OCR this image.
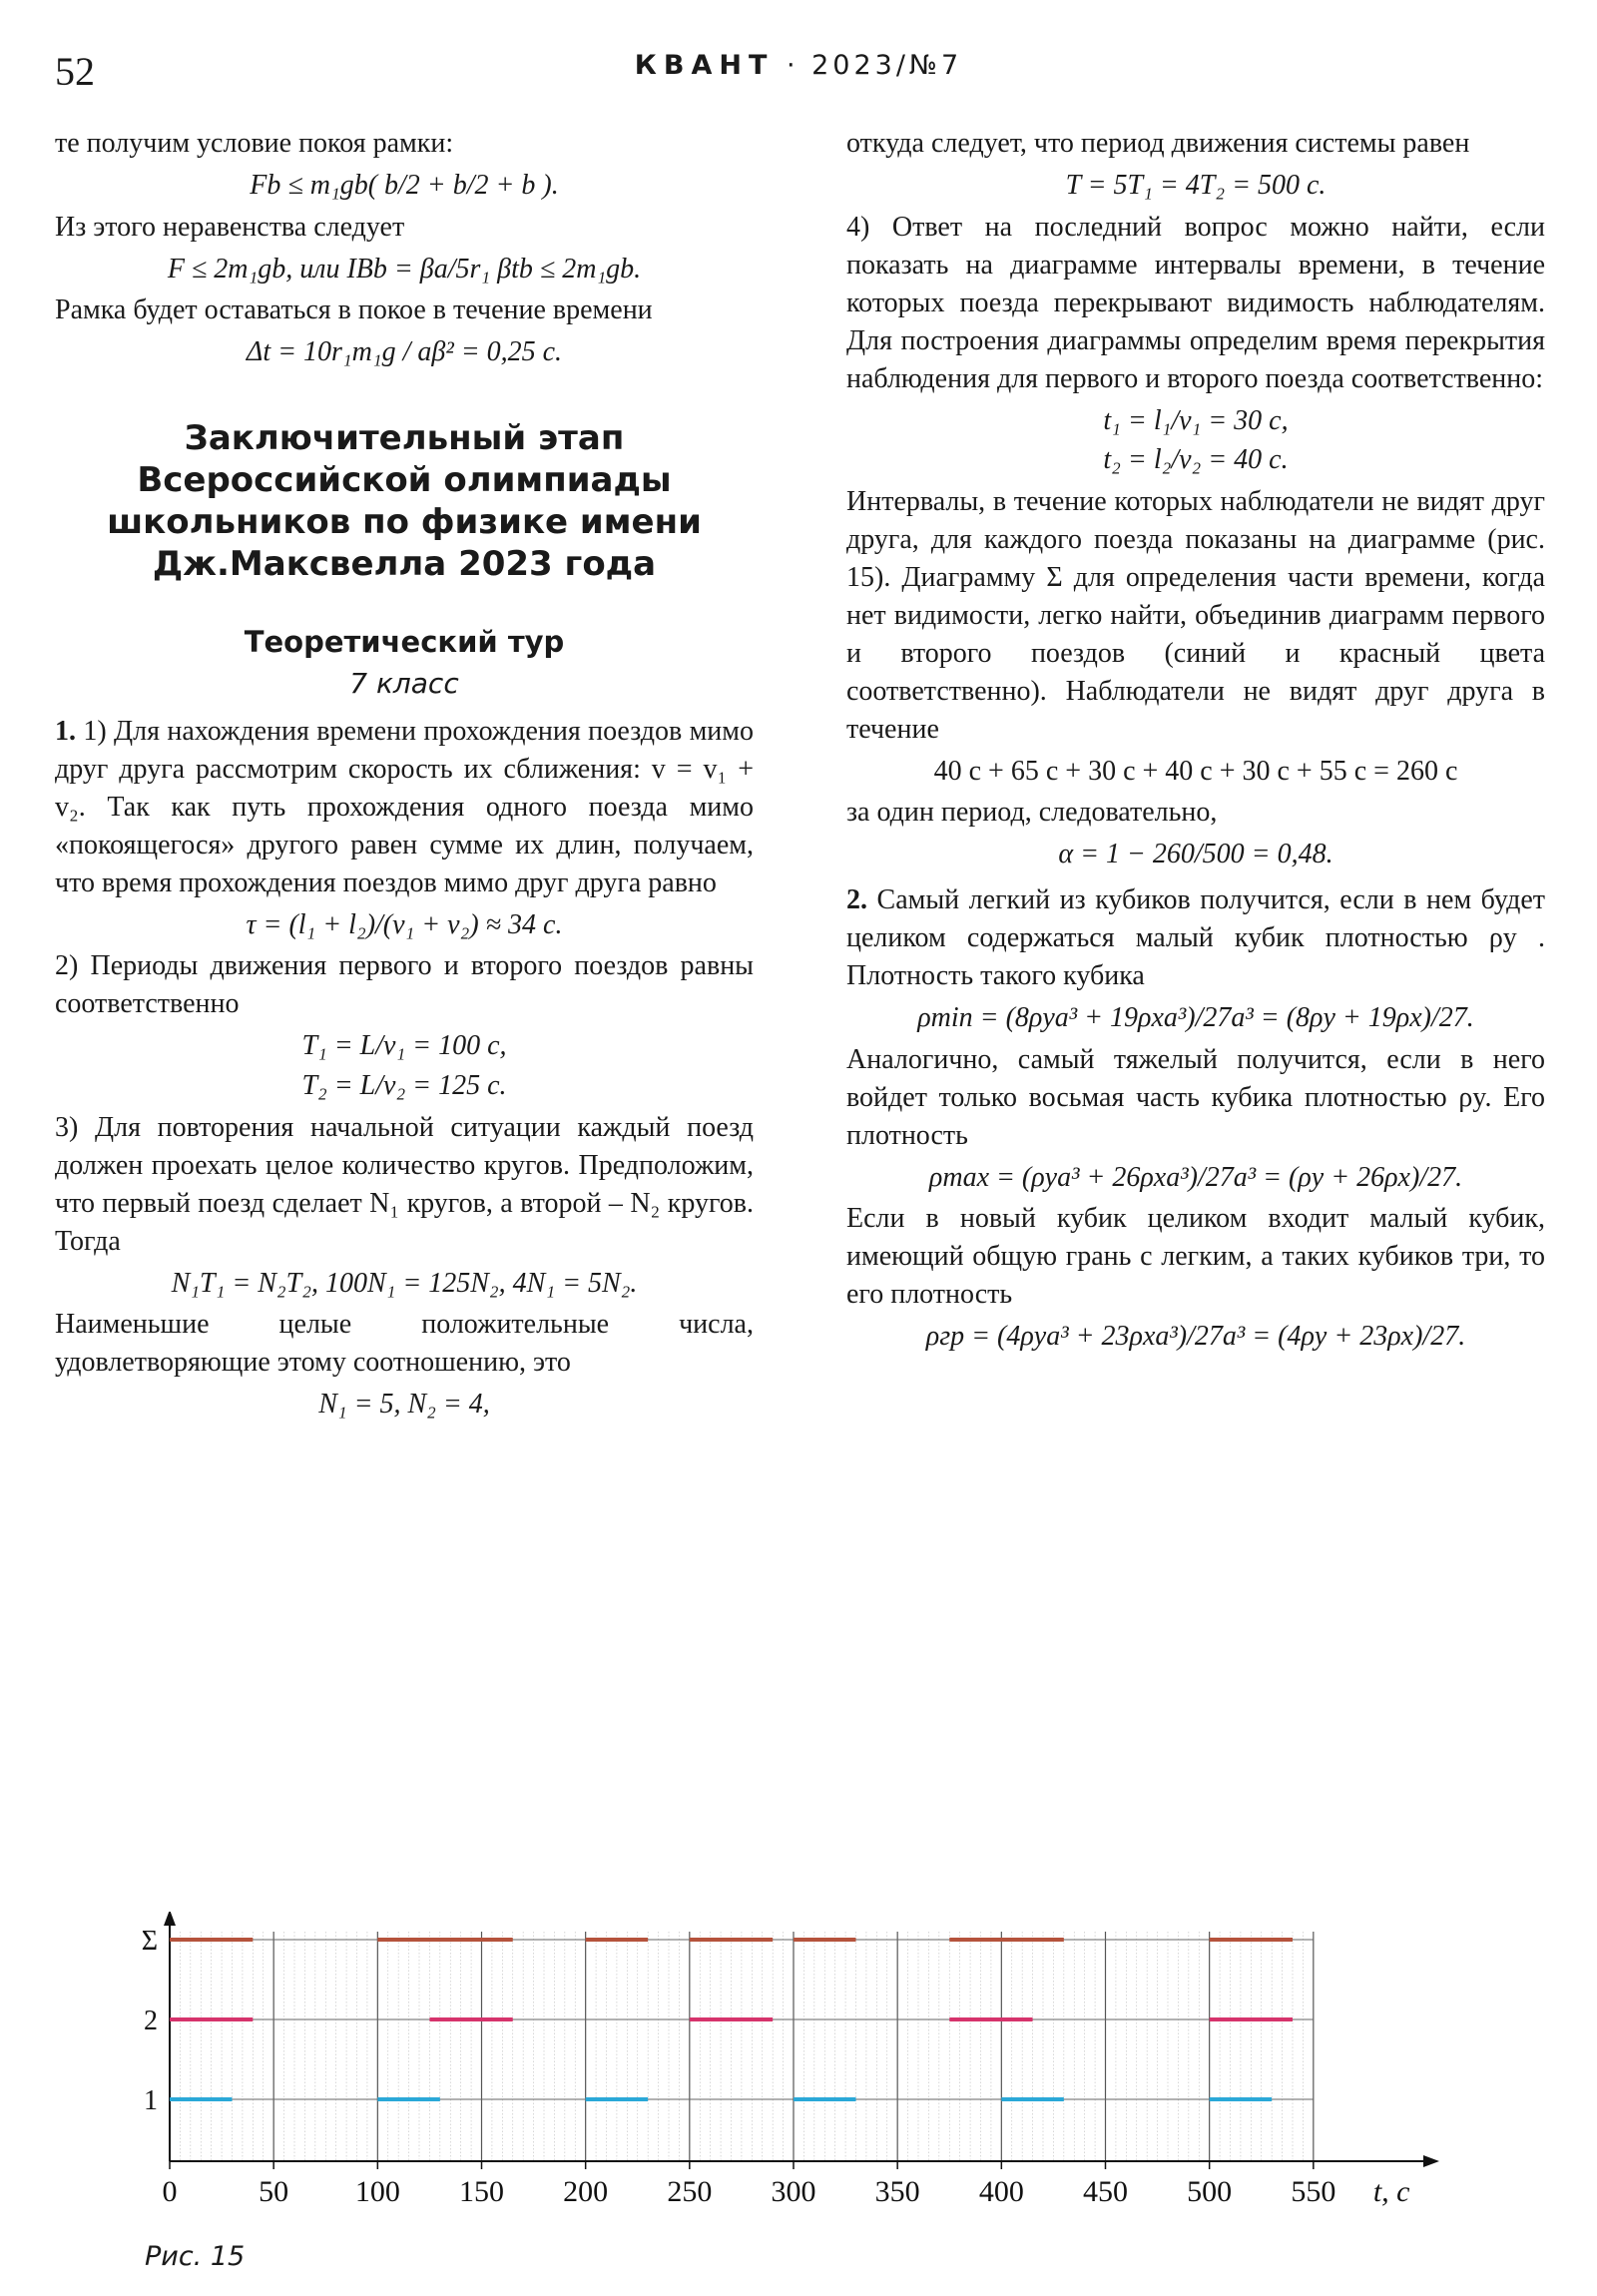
52	КВАНТ · 2023/№7

те получим условие покоя рамки:

Fb ≤ m₁gb( b/2 + b/2 + b ).

Из этого неравенства следует

F ≤ 2m₁gb, или IBb = βa/5r₁ βtb ≤ 2m₁gb.

Рамка будет оставаться в покое в течение времени

Δt = 10r₁m₁g / aβ² = 0,25 с.
Заключительный этап Всероссийской олимпиады школьников по физике имени Дж.Максвелла 2023 года
Теоретический тур
7 класс

1. 1) Для нахождения времени прохождения поездов мимо друг друга рассмотрим скорость их сближения: v = v₁ + v₂. Так как путь прохождения одного поезда мимо «покоящегося» другого равен сумме их длин, получаем, что время прохождения поездов мимо друг друга равно

τ = (l₁ + l₂)/(v₁ + v₂) ≈ 34 с.

2) Периоды движения первого и второго поездов равны соответственно

T₁ = L/v₁ = 100 с,
T₂ = L/v₂ = 125 с.

3) Для повторения начальной ситуации каждый поезд должен проехать целое количество кругов. Предположим, что первый поезд сделает N₁ кругов, а второй – N₂ кругов. Тогда

N₁T₁ = N₂T₂, 100N₁ = 125N₂, 4N₁ = 5N₂.

Наименьшие целые положительные числа, удовлетворяющие этому соотношению, это

N₁ = 5, N₂ = 4,

откуда следует, что период движения системы равен

T = 5T₁ = 4T₂ = 500 с.

4) Ответ на последний вопрос можно найти, если показать на диаграмме интервалы времени, в течение которых поезда перекрывают видимость наблюдателям. Для построения диаграммы определим время перекрытия наблюдения для первого и второго поезда соответственно:

t₁ = l₁/v₁ = 30 с,
t₂ = l₂/v₂ = 40 с.

Интервалы, в течение которых наблюдатели не видят друг друга, для каждого поезда показаны на диаграмме (рис. 15). Диаграмму Σ для определения части времени, когда нет видимости, легко найти, объединив диаграмм первого и второго поездов (синий и красный цвета соответственно). Наблюдатели не видят друг друга в течение

40 с + 65 с + 30 с + 40 с + 30 с + 55 с = 260 с

за один период, следовательно,

α = 1 − 260/500 = 0,48.

2. Самый легкий из кубиков получится, если в нем будет целиком содержаться малый кубик плотностью ρy . Плотность такого кубика

ρmin = (8ρya³ + 19ρxa³)/27a³ = (8ρy + 19ρx)/27.

Аналогично, самый тяжелый получится, если в него войдет только восьмая часть кубика плотностью ρy. Его плотность

ρmax = (ρya³ + 26ρxa³)/27a³ = (ρy + 26ρx)/27.

Если в новый кубик целиком входит малый кубик, имеющий общую грань с легким, а таких кубиков три, то его плотность

ρгр = (4ρya³ + 23ρxa³)/27a³ = (4ρy + 23ρx)/27.
0	50 100 150 200 250 300 350 400 450 500 550 t, с
1
2
Σ
Рис. 15
